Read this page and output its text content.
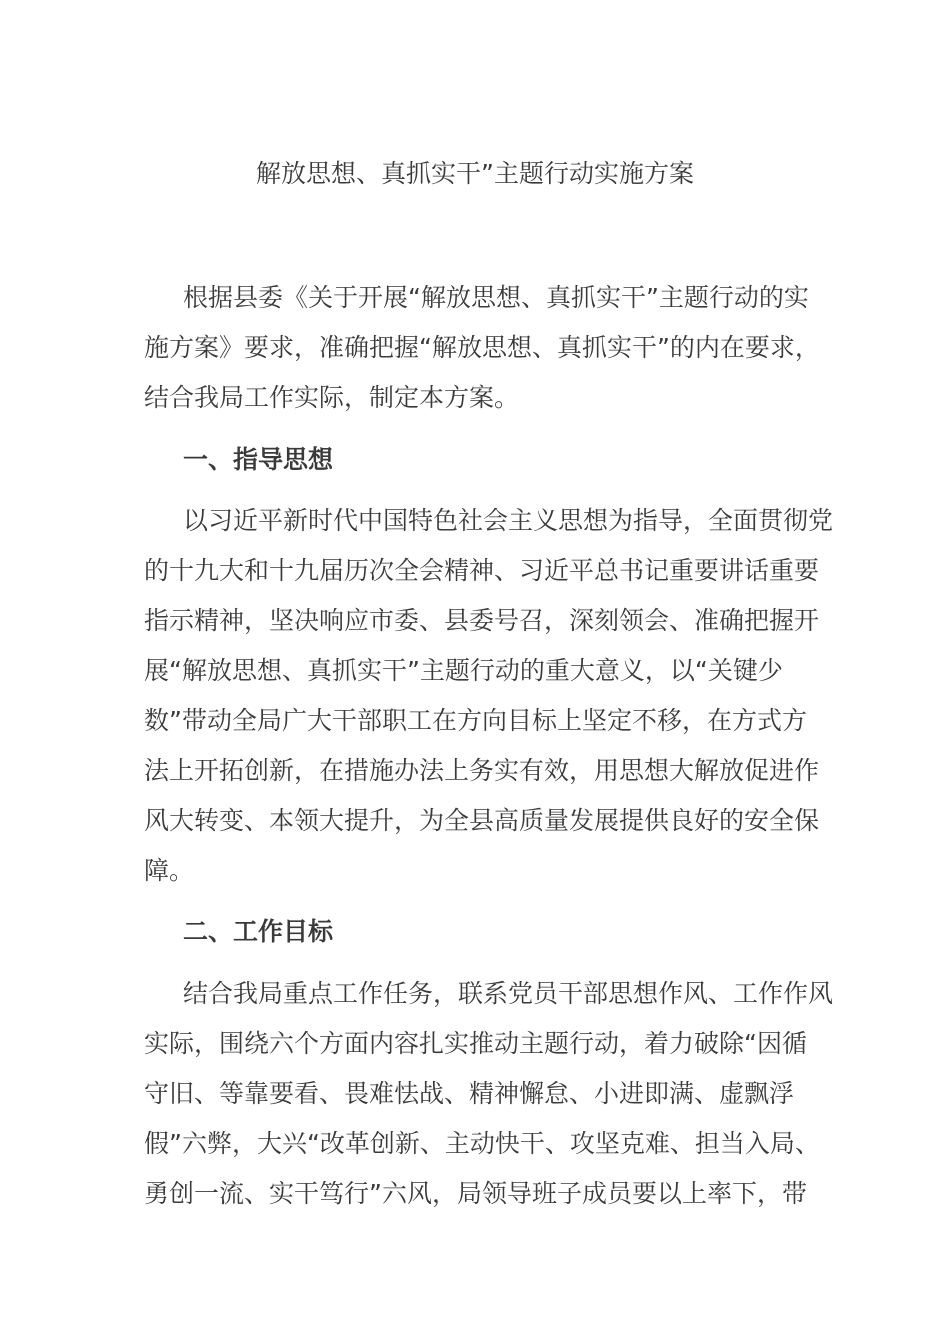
解放思想、真抓实干”主题行动实施方案
根据县委《关于开展“解放思想、真抓实干”主题行动的实
施方案》要求，准确把握“解放思想、真抓实干”的内在要求，
结合我局工作实际，制定本方案。
一、指导思想
以习近平新时代中国特色社会主义思想为指导，全面贯彻党
的十九大和十九届历次全会精神、习近平总书记重要讲话重要
指示精神，坚决响应市委、县委号召，深刻领会、准确把握开
展“解放思想、真抓实干”主题行动的重大意义，以“关键少
数”带动全局广大干部职工在方向目标上坚定不移，在方式方
法上开拓创新，在措施办法上务实有效，用思想大解放促进作
风大转变、本领大提升，为全县高质量发展提供良好的安全保
障。
二、工作目标
结合我局重点工作任务，联系党员干部思想作风、工作作风
实际，围绕六个方面内容扎实推动主题行动，着力破除“因循
守旧、等靠要看、畏难怯战、精神懈怠、小进即满、虚飘浮
假”六弊，大兴“改革创新、主动快干、攻坚克难、担当入局、
勇创一流、实干笃行”六风，局领导班子成员要以上率下，带
